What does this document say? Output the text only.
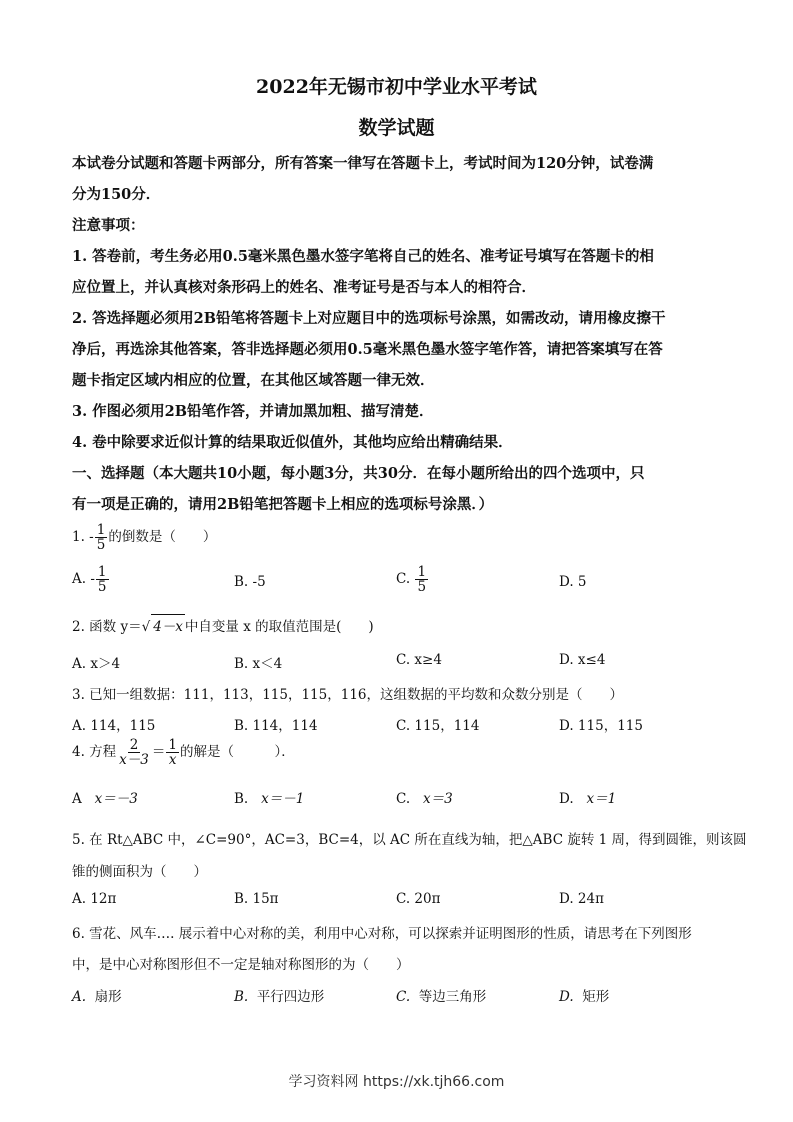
2022年无锡市初中学业水平考试
数学试题
本试卷分试题和答题卡两部分，所有答案一律写在答题卡上，考试时间为120分钟，试卷满
分为150分．
注意事项：
1. 答卷前，考生务必用0.5毫米黑色墨水签字笔将自己的姓名、准考证号填写在答题卡的相
应位置上，并认真核对条形码上的姓名、准考证号是否与本人的相符合．
2. 答选择题必须用2B铅笔将答题卡上对应题目中的选项标号涂黑，如需改动，请用橡皮擦干
净后，再选涂其他答案，答非选择题必须用0.5毫米黑色墨水签字笔作答，请把答案填写在答
题卡指定区域内相应的位置，在其他区域答题一律无效．
3. 作图必须用2B铅笔作答，并请加黑加粗、描写清楚．
4. 卷中除要求近似计算的结果取近似值外，其他均应给出精确结果．
一、选择题（本大题共10小题，每小题3分，共30分．在每小题所给出的四个选项中，只
有一项是正确的，请用2B铅笔把答题卡上相应的选项标号涂黑．）
1. - $\frac{1}{5}$ 的倒数是（　　）
A. - $\frac{1}{5}$	B. -5	C. $\frac{1}{5}$	D. 5
2. 函数 y＝√ 4－x 中自变量 x 的取值范围是(　　)
A. x＞4	B. x＜4	C. x≥4	D. x≤4
3. 已知一组数据：111，113，115，115，116，这组数据的平均数和众数分别是（　　）
A. 114，115	B. 114，114	C. 115，114	D. 115，115
4. 方程 $\frac{2}{x-3} = \frac{1}{x}$ 的解是（　　　）．
A x＝－3	B. x＝－1	C. x＝3	D. x＝1
5. 在 Rt△ABC 中，∠C=90°，AC=3，BC=4，以 AC 所在直线为轴，把△ABC 旋转 1 周，得到圆锥，则该圆
锥的侧面积为（　　）
A. 12π	B. 15π	C. 20π	D. 24π
6. 雪花、风车…. 展示着中心对称的美，利用中心对称，可以探索并证明图形的性质，请思考在下列图形
中，是中心对称图形但不一定是轴对称图形的为（　　）
A. 扇形	B. 平行四边形	C. 等边三角形	D. 矩形
学习资料网 https://xk.tjh66.com
